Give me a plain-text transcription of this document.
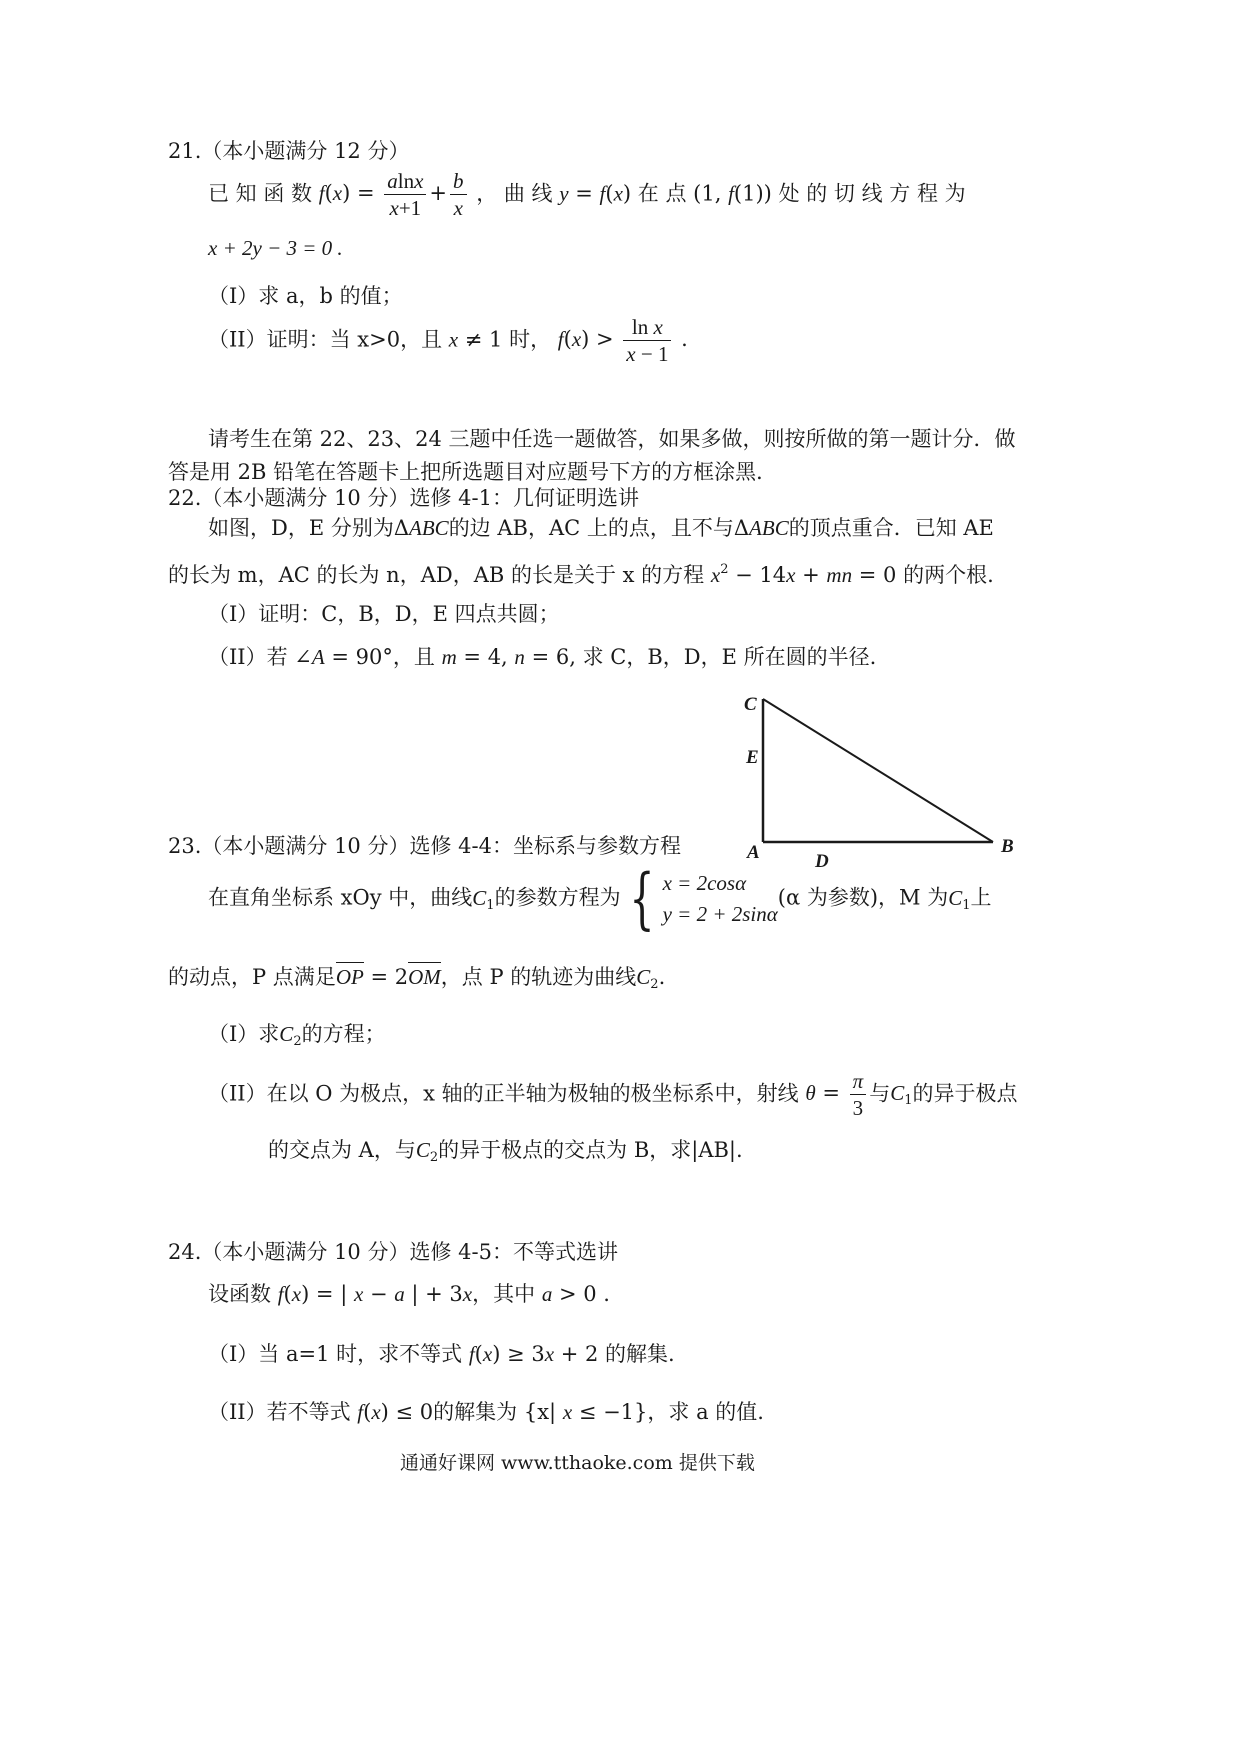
21.（本小题满分 12 分）
已 知 函 数 $f(x) = \frac{alnx}{x+1} + \frac{b}{x}$ ， 曲 线 y = f(x) 在 点 (1, f(1)) 处 的 切 线 方 程 为
x + 2y − 3 = 0 .
（I）求 a，b 的值；
（II）证明：当 x>0，且 x ≠ 1 时， $f(x) > \frac{\text{ln x}}{x - 1}$ .
请考生在第 22、23、24 三题中任选一题做答，如果多做，则按所做的第一题计分．做
答是用 2B 铅笔在答题卡上把所选题目对应题号下方的方框涂黑．
22.（本小题满分 10 分）选修 4-1：几何证明选讲
如图，D，E 分别为ΔABC的边 AB，AC 上的点，且不与ΔABC的顶点重合．已知 AE
的长为 m，AC 的长为 n，AD，AB 的长是关于 x 的方程 $x^2 - 14x$ + mn = 0 的两个根.
（I）证明：C，B，D，E 四点共圆；
（II）若 ∠A = 90°，且 m = 4, n = 6, 求 C，B，D，E 所在圆的半径.
C
E
A	D
B
23.（本小题满分 10 分）选修 4-4：坐标系与参数方程
在直角坐标系 xOy 中，曲线$C_1$的参数方程为 { x = 2cosα
y = 2 + 2sinα
(α 为参数)，M 为$C_1$上
的动点，P 点满足OP = 2OM，点 P 的轨迹为曲线$C_2$.
（I）求$C_2$的方程；
（II）在以 O 为极点，x 轴的正半轴为极轴的极坐标系中，射线 $\theta = \frac{\pi}{3}$ 与$C_1$的异于极点
的交点为 A，与$C_2$的异于极点的交点为 B，求|AB|.
24.（本小题满分 10 分）选修 4-5：不等式选讲
设函数 f(x) = | x − a | + 3x，其中 a > 0 .
（I）当 a=1 时，求不等式 f(x) ≥ 3x + 2 的解集.
（II）若不等式 f(x) ≤ 0的解集为 {x| x ≤ −1}，求 a 的值.
通通好课网 www.tthaoke.com 提供下载
